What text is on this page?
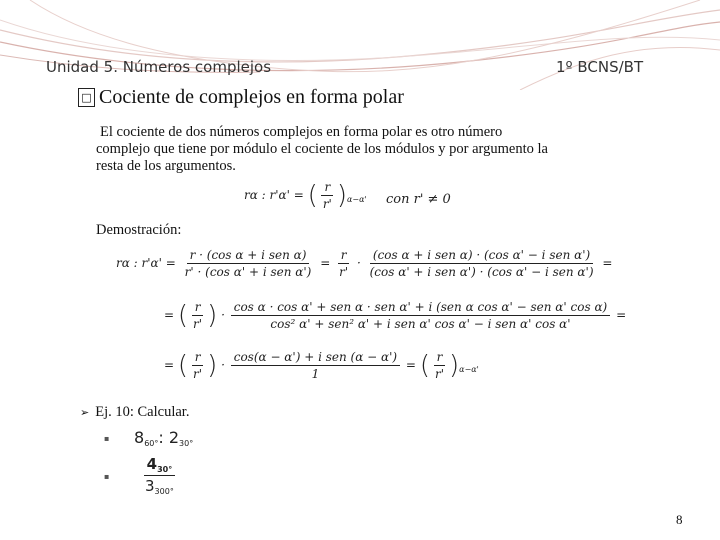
Unidad 5. Números complejos	1º BCNS/BT
□ Cociente de complejos en forma polar
El cociente de dos números complejos en forma polar es otro número
complejo que tiene por módulo el cociente de los módulos y por argumento la
resta de los argumentos.
rα : r'α' = ( $\frac{r}{r'} )_{\alpha-\alpha'}$ con r' ≠ 0
Demostración:
rα : $r'\alpha' = \frac{\text{r · (cos α + i sen α)}}{\text{r' · (cos α' + i sen α')}} = \frac{r}{r'} \cdot \frac{\text{(cos α + i sen α) · (cos α' − i sen α')}}{\text{(cos α' + i sen α') · (cos α' − i sen α')}}$ =
= ( $\frac{r}{r'}$ ) ·
cos α · cos α' + sen α · sen α' + i (sen α cos α' − sen α' cos α)
cos² α' + sen² α' + i sen α' cos α' − i sen α' cos α'
=
= ( $\frac{r}{r'}$ ) · $\frac{\text{cos(α − α') + i sen (α − α')}}{1}$ = ( $\frac{r}{r'} )_{\alpha-\alpha'}$
➢ Ej. 10: Calcular.
▪ $8_{60^\circ}$: $2_{30^\circ}$
▪ $\frac{4_{30^\circ}}{3_{300^\circ}}$
8
